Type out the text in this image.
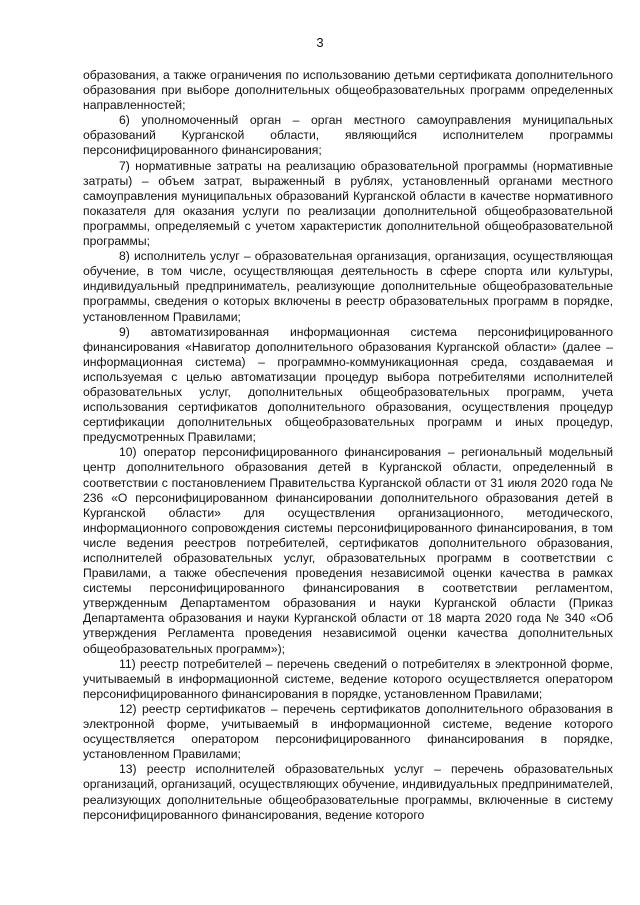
3

образования, а также ограничения по использованию детьми сертификата дополнительного образования при выборе дополнительных общеобразовательных программ определенных направленностей;

6) уполномоченный орган – орган местного самоуправления муниципальных образований Курганской области, являющийся исполнителем программы персонифицированного финансирования;

7) нормативные затраты на реализацию образовательной программы (нормативные затраты) – объем затрат, выраженный в рублях, установленный органами местного самоуправления муниципальных образований Курганской области в качестве нормативного показателя для оказания услуги по реализации дополнительной общеобразовательной программы, определяемый с учетом характеристик дополнительной общеобразовательной программы;

8) исполнитель услуг – образовательная организация, организация, осуществляющая обучение, в том числе, осуществляющая деятельность в сфере спорта или культуры, индивидуальный предприниматель, реализующие дополнительные общеобразовательные программы, сведения о которых включены в реестр образовательных программ в порядке, установленном Правилами;

9) автоматизированная информационная система персонифицированного финансирования «Навигатор дополнительного образования Курганской области» (далее – информационная система) – программно-коммуникационная среда, создаваемая и используемая с целью автоматизации процедур выбора потребителями исполнителей образовательных услуг, дополнительных общеобразовательных программ, учета использования сертификатов дополнительного образования, осуществления процедур сертификации дополнительных общеобразовательных программ и иных процедур, предусмотренных Правилами;

10) оператор персонифицированного финансирования – региональный модельный центр дополнительного образования детей в Курганской области, определенный в соответствии с постановлением Правительства Курганской области от 31 июля 2020 года № 236 «О персонифицированном финансировании дополнительного образования детей в Курганской области» для осуществления организационного, методического, информационного сопровождения системы персонифицированного финансирования, в том числе ведения реестров потребителей, сертификатов дополнительного образования, исполнителей образовательных услуг, образовательных программ в соответствии с Правилами, а также обеспечения проведения независимой оценки качества в рамках системы персонифицированного финансирования в соответствии регламентом, утвержденным Департаментом образования и науки Курганской области (Приказ Департамента образования и науки Курганской области от 18 марта 2020 года № 340 «Об утверждения Регламента проведения независимой оценки качества дополнительных общеобразовательных программ»);

11) реестр потребителей – перечень сведений о потребителях в электронной форме, учитываемый в информационной системе, ведение которого осуществляется оператором персонифицированного финансирования в порядке, установленном Правилами;

12) реестр сертификатов – перечень сертификатов дополнительного образования в электронной форме, учитываемый в информационной системе, ведение которого осуществляется оператором персонифицированного финансирования в порядке, установленном Правилами;

13) реестр исполнителей образовательных услуг – перечень образовательных организаций, организаций, осуществляющих обучение, индивидуальных предпринимателей, реализующих дополнительные общеобразовательные программы, включенные в систему персонифицированного финансирования, ведение которого
